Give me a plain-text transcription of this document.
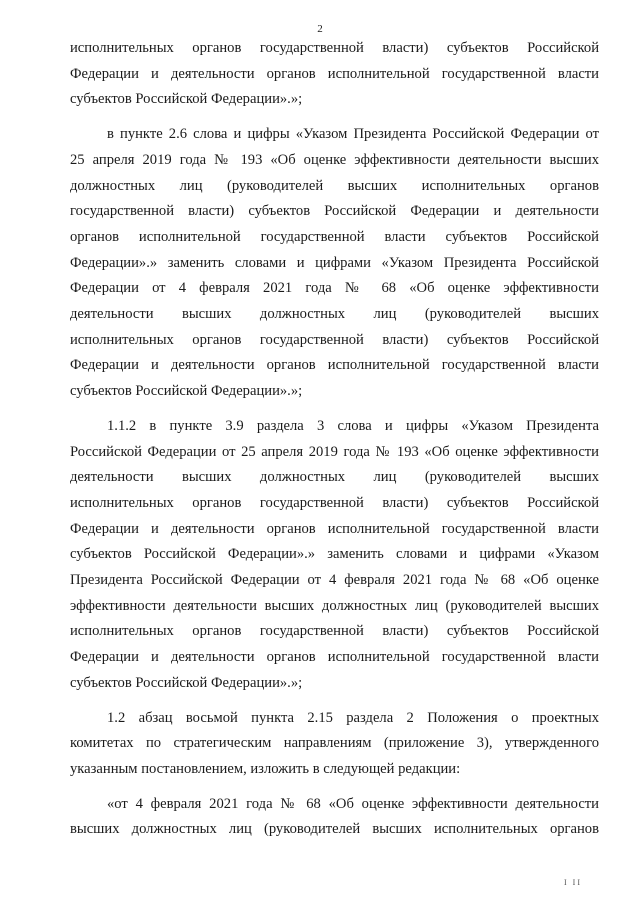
2

исполнительных органов государственной власти) субъектов Российской
Федерации и деятельности органов исполнительной государственной власти
субъектов Российской Федерации».»;

в пункте 2.6 слова и цифры «Указом Президента Российской Федерации от
25 апреля 2019 года № 193 «Об оценке эффективности деятельности высших
должностных лиц (руководителей высших исполнительных органов
государственной власти) субъектов Российской Федерации и деятельности
органов исполнительной государственной власти субъектов Российской
Федерации».» заменить словами и цифрами «Указом Президента Российской
Федерации от 4 февраля 2021 года № 68 «Об оценке эффективности
деятельности высших должностных лиц (руководителей высших
исполнительных органов государственной власти) субъектов Российской
Федерации и деятельности органов исполнительной государственной власти
субъектов Российской Федерации».»;

1.1.2 в пункте 3.9 раздела 3 слова и цифры «Указом Президента
Российской Федерации от 25 апреля 2019 года № 193 «Об оценке эффективности
деятельности высших должностных лиц (руководителей высших
исполнительных органов государственной власти) субъектов Российской
Федерации и деятельности органов исполнительной государственной власти
субъектов Российской Федерации».» заменить словами и цифрами «Указом
Президента Российской Федерации от 4 февраля 2021 года № 68 «Об оценке
эффективности деятельности высших должностных лиц (руководителей высших
исполнительных органов государственной власти) субъектов Российской
Федерации и деятельности органов исполнительной государственной власти
субъектов Российской Федерации».»;

1.2 абзац восьмой пункта 2.15 раздела 2 Положения о проектных
комитетах по стратегическим направлениям (приложение 3), утвержденного
указанным постановлением, изложить в следующей редакции:

«от 4 февраля 2021 года № 68 «Об оценке эффективности деятельности
высших должностных лиц (руководителей высших исполнительных органов

I II
